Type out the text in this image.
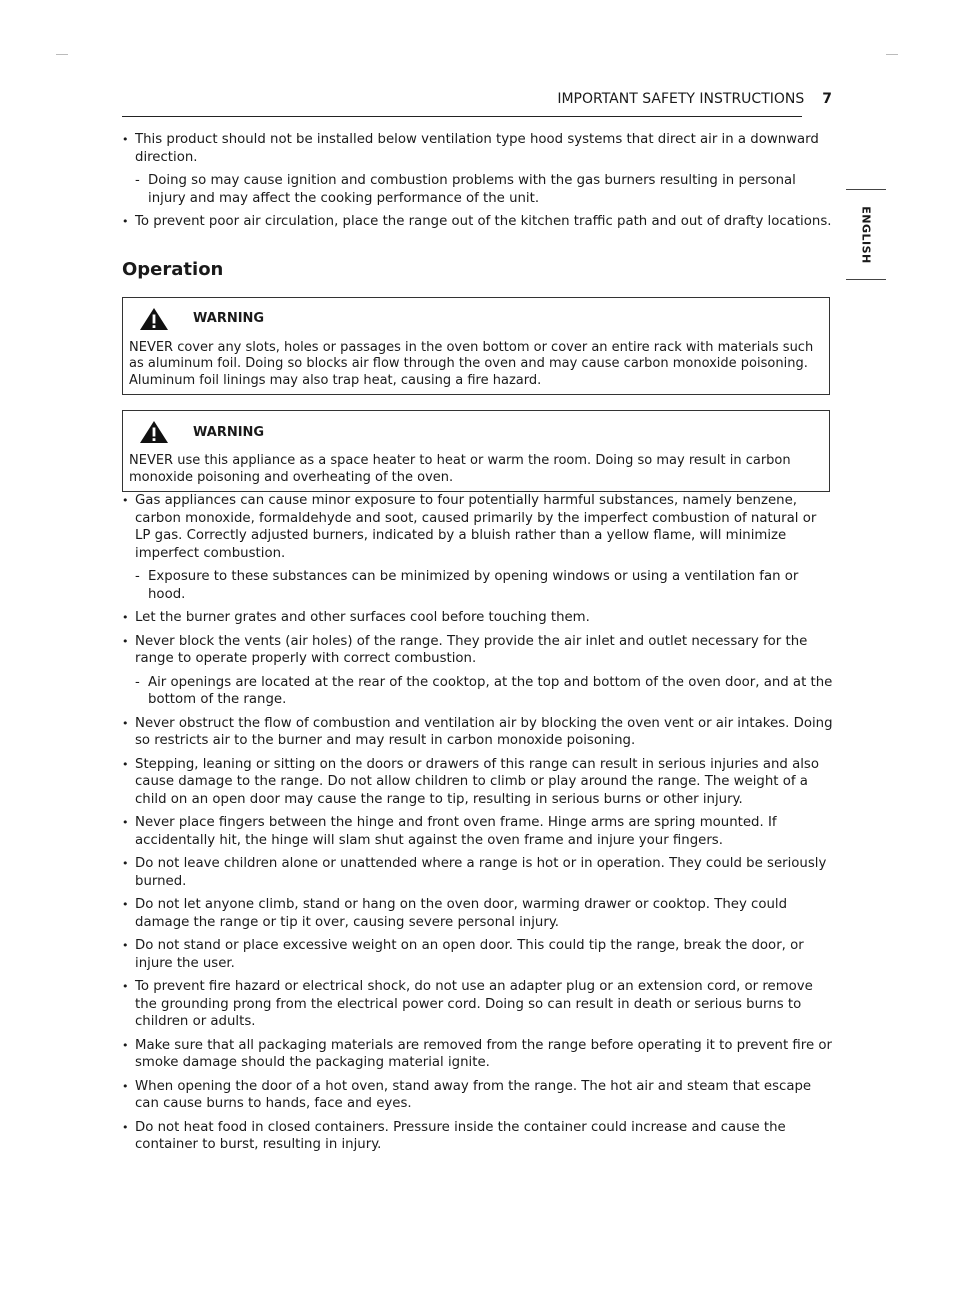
IMPORTANT SAFETY INSTRUCTIONS 7
ENGLISH
• This product should not be installed below ventilation type hood systems that direct air in a downward direction.
- Doing so may cause ignition and combustion problems with the gas burners resulting in personal injury and may affect the cooking performance of the unit.
• To prevent poor air circulation, place the range out of the kitchen traffic path and out of drafty locations.
Operation
WARNING
NEVER cover any slots, holes or passages in the oven bottom or cover an entire rack with materials such as aluminum foil. Doing so blocks air flow through the oven and may cause carbon monoxide poisoning. Aluminum foil linings may also trap heat, causing a fire hazard.
WARNING
NEVER use this appliance as a space heater to heat or warm the room. Doing so may result in carbon monoxide poisoning and overheating of the oven.
• Gas appliances can cause minor exposure to four potentially harmful substances, namely benzene, carbon monoxide, formaldehyde and soot, caused primarily by the imperfect combustion of natural or LP gas. Correctly adjusted burners, indicated by a bluish rather than a yellow flame, will minimize imperfect combustion.
- Exposure to these substances can be minimized by opening windows or using a ventilation fan or hood.
• Let the burner grates and other surfaces cool before touching them.
• Never block the vents (air holes) of the range. They provide the air inlet and outlet necessary for the range to operate properly with correct combustion.
- Air openings are located at the rear of the cooktop, at the top and bottom of the oven door, and at the bottom of the range.
• Never obstruct the flow of combustion and ventilation air by blocking the oven vent or air intakes. Doing so restricts air to the burner and may result in carbon monoxide poisoning.
• Stepping, leaning or sitting on the doors or drawers of this range can result in serious injuries and also cause damage to the range. Do not allow children to climb or play around the range. The weight of a child on an open door may cause the range to tip, resulting in serious burns or other injury.
• Never place fingers between the hinge and front oven frame. Hinge arms are spring mounted. If accidentally hit, the hinge will slam shut against the oven frame and injure your fingers.
• Do not leave children alone or unattended where a range is hot or in operation. They could be seriously burned.
• Do not let anyone climb, stand or hang on the oven door, warming drawer or cooktop. They could damage the range or tip it over, causing severe personal injury.
• Do not stand or place excessive weight on an open door. This could tip the range, break the door, or injure the user.
• To prevent fire hazard or electrical shock, do not use an adapter plug or an extension cord, or remove the grounding prong from the electrical power cord. Doing so can result in death or serious burns to children or adults.
• Make sure that all packaging materials are removed from the range before operating it to prevent fire or smoke damage should the packaging material ignite.
• When opening the door of a hot oven, stand away from the range. The hot air and steam that escape can cause burns to hands, face and eyes.
• Do not heat food in closed containers. Pressure inside the container could increase and cause the container to burst, resulting in injury.
